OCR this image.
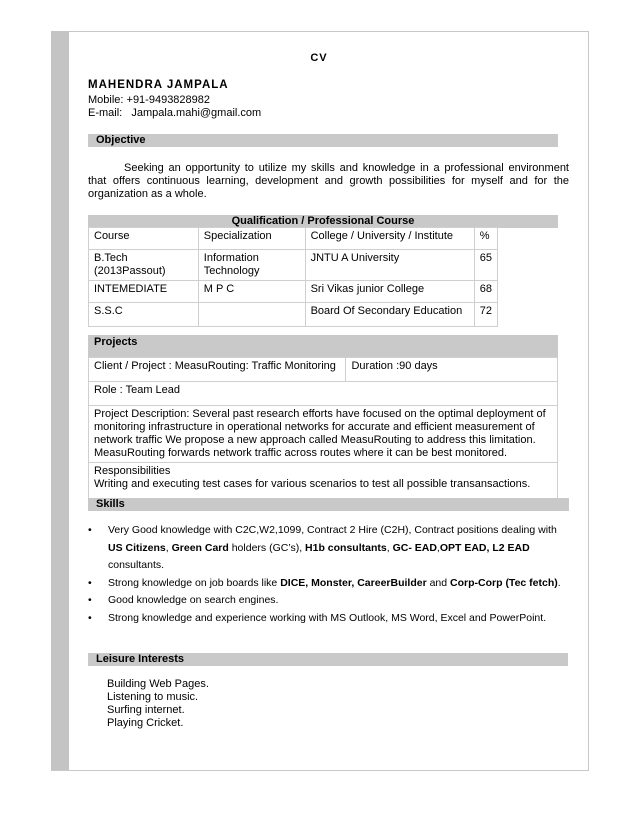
CV
MAHENDRA JAMPALA
Mobile: +91-9493828982
E-mail: Jampala.mahi@gmail.com
Objective
Seeking an opportunity to utilize my skills and knowledge in a professional environment that offers continuous learning, development and growth possibilities for myself and for the organization as a whole.
Qualification / Professional Course
Course	Specialization	College / University / Institute	%
B.Tech (2013Passout)	Information Technology	JNTU A University	65
INTEMEDIATE	M P C	Sri Vikas junior College	68
S.S.C		Board Of Secondary Education	72
Projects
Client / Project : MeasuRouting: Traffic Monitoring	Duration :90 days
Role : Team Lead
Project Description: Several past research efforts have focused on the optimal deployment of monitoring infrastructure in operational networks for accurate and efficient measurement of network traffic We propose a new approach called MeasuRouting to address this limitation. MeasuRouting forwards network traffic across routes where it can be best monitored.

Responsibilities
Writing and executing test cases for various scenarios to test all possible transansactions.
Skills
• Very Good knowledge with C2C,W2,1099, Contract 2 Hire (C2H), Contract positions dealing with US Citizens, Green Card holders (GC’s), H1b consultants, GC- EAD,OPT EAD, L2 EAD consultants.
• Strong knowledge on job boards like DICE, Monster, CareerBuilder and Corp-Corp (Tec fetch).
• Good knowledge on search engines.
• Strong knowledge and experience working with MS Outlook, MS Word, Excel and PowerPoint.
Leisure Interests
Building Web Pages.
Listening to music.
Surfing internet.
Playing Cricket.
